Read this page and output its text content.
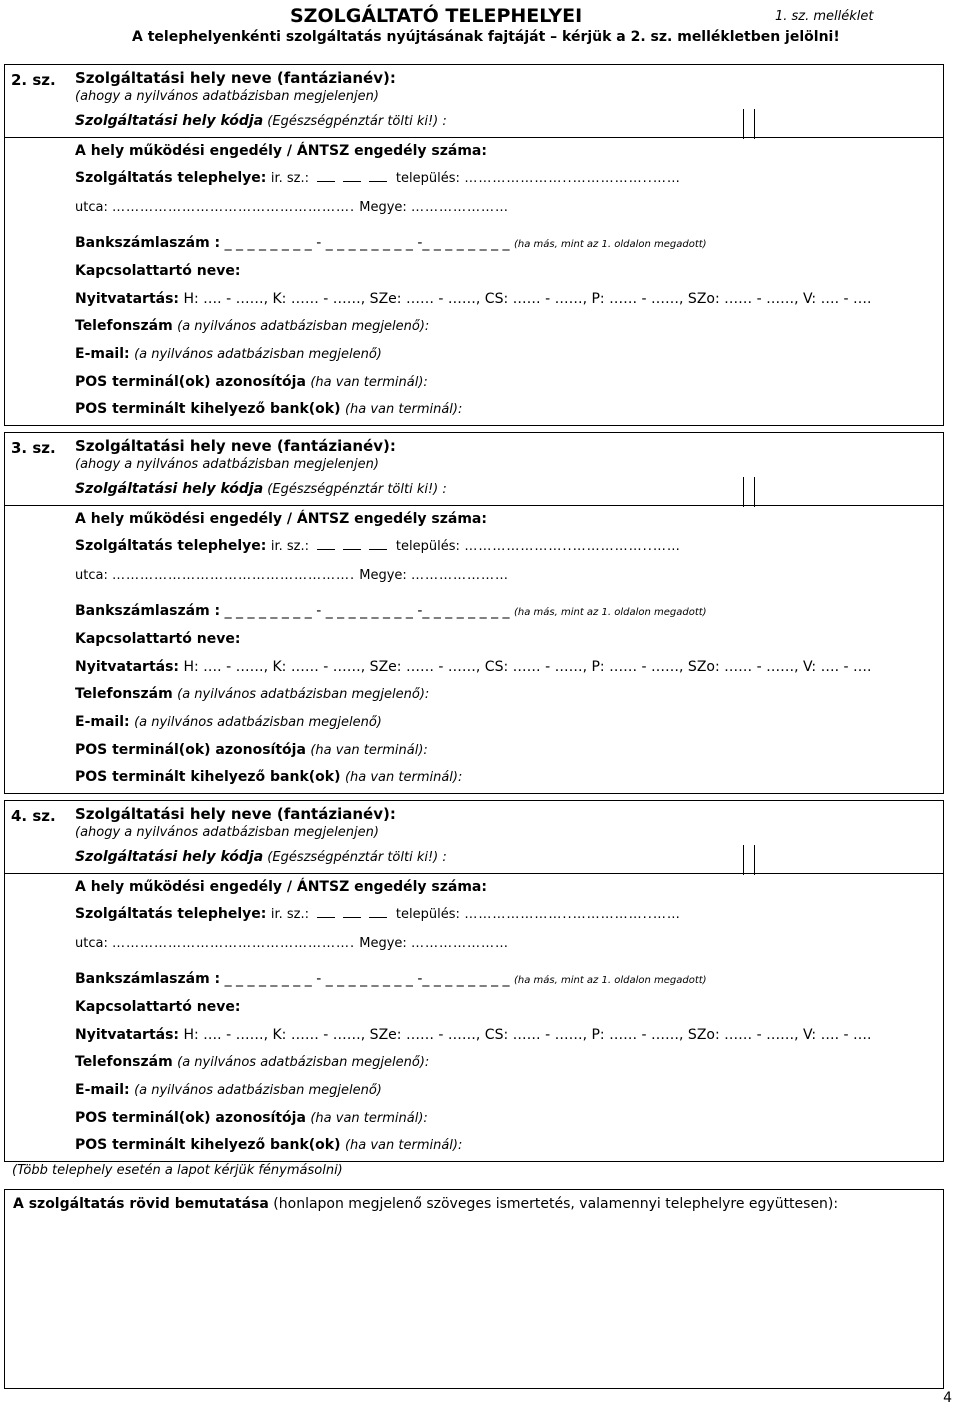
SZOLGÁLTATÓ TELEPHELYEI	1. sz. melléklet
A telephelyenkénti szolgáltatás nyújtásának fajtáját – kérjük a 2. sz. mellékletben jelölni!
2. sz. Szolgáltatási hely neve (fantázianév):
(ahogy a nyilvános adatbázisban megjelenjen)
Szolgáltatási hely kódja (Egészségpénztár tölti ki!) :
A hely működési engedély / ÁNTSZ engedély száma:
Szolgáltatás telephelye: ir. sz.:	település: …………………..……………..……
utca: ……………………………………………. Megye: …………………
Bankszámlaszám : _ _ _ _ _ _ _ _ - _ _ _ _ _ _ _ _ -_ _ _ _ _ _ _ _ (ha más, mint az 1. oldalon megadott)
Kapcsolattartó neve:
Nyitvatartás: H: …. - ……, K: …… - ……, SZe: …… - ……, CS: …… - ……, P: …… - ……, SZo: …… - ……, V: …. - ….
Telefonszám (a nyilvános adatbázisban megjelenő):
E-mail: (a nyilvános adatbázisban megjelenő)
POS terminál(ok) azonosítója (ha van terminál):
POS terminált kihelyező bank(ok) (ha van terminál):
3. sz. Szolgáltatási hely neve (fantázianév):
(ahogy a nyilvános adatbázisban megjelenjen)
Szolgáltatási hely kódja (Egészségpénztár tölti ki!) :
A hely működési engedély / ÁNTSZ engedély száma:
Szolgáltatás telephelye: ir. sz.:	település: …………………..……………..……
utca: ……………………………………………. Megye: …………………
Bankszámlaszám : _ _ _ _ _ _ _ _ - _ _ _ _ _ _ _ _ -_ _ _ _ _ _ _ _ (ha más, mint az 1. oldalon megadott)
Kapcsolattartó neve:
Nyitvatartás: H: …. - ……, K: …… - ……, SZe: …… - ……, CS: …… - ……, P: …… - ……, SZo: …… - ……, V: …. - ….
Telefonszám (a nyilvános adatbázisban megjelenő):
E-mail: (a nyilvános adatbázisban megjelenő)
POS terminál(ok) azonosítója (ha van terminál):
POS terminált kihelyező bank(ok) (ha van terminál):
4. sz. Szolgáltatási hely neve (fantázianév):
(ahogy a nyilvános adatbázisban megjelenjen)
Szolgáltatási hely kódja (Egészségpénztár tölti ki!) :
A hely működési engedély / ÁNTSZ engedély száma:
Szolgáltatás telephelye: ir. sz.:	település: …………………..……………..……
utca: ……………………………………………. Megye: …………………
Bankszámlaszám : _ _ _ _ _ _ _ _ - _ _ _ _ _ _ _ _ -_ _ _ _ _ _ _ _ (ha más, mint az 1. oldalon megadott)
Kapcsolattartó neve:
Nyitvatartás: H: …. - ……, K: …… - ……, SZe: …… - ……, CS: …… - ……, P: …… - ……, SZo: …… - ……, V: …. - ….
Telefonszám (a nyilvános adatbázisban megjelenő):
E-mail: (a nyilvános adatbázisban megjelenő)
POS terminál(ok) azonosítója (ha van terminál):
POS terminált kihelyező bank(ok) (ha van terminál):
(Több telephely esetén a lapot kérjük fénymásolni)
A szolgáltatás rövid bemutatása (honlapon megjelenő szöveges ismertetés, valamennyi telephelyre együttesen):
4
